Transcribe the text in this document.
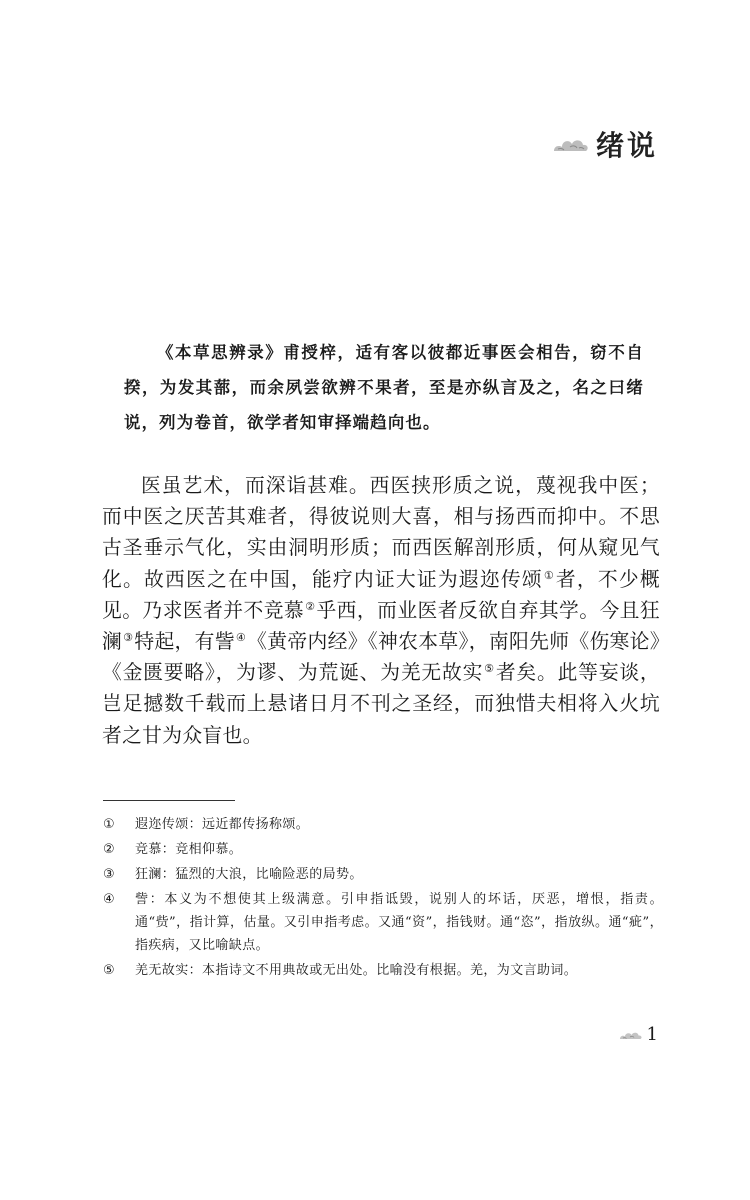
绪说

《本草思辨录》甫授梓，适有客以彼都近事医会相告，窃不自揆，为发其蔀，而余夙尝欲辨不果者，至是亦纵言及之，名之曰绪说，列为卷首，欲学者知审择端趋向也。

医虽艺术，而深诣甚难。西医挟形质之说，蔑视我中医；而中医之厌苦其难者，得彼说则大喜，相与扬西而抑中。不思古圣垂示气化，实由洞明形质；而西医解剖形质，何从窥见气化。故西医之在中国，能疗内证大证为遐迩传颂①者，不少概见。乃求医者并不竞慕②乎西，而业医者反欲自弃其学。今且狂澜③特起，有訾④《黄帝内经》《神农本草》，南阳先师《伤寒论》《金匮要略》，为谬、为荒诞、为羌无故实⑤者矣。此等妄谈，岂足撼数千载而上悬诸日月不刊之圣经，而独惜夫相将入火坑者之甘为众盲也。

①	遐迩传颂：远近都传扬称颂。
②	竞慕：竞相仰慕。
③	狂澜：猛烈的大浪，比喻险恶的局势。
④	訾：本义为不想使其上级满意。引申指诋毁，说别人的坏话，厌恶，增恨，指责。通“赀”，指计算，估量。又引申指考虑。又通“资”，指钱财。通“恣”，指放纵。通“疵”，指疾病，又比喻缺点。
⑤	羌无故实：本指诗文不用典故或无出处。比喻没有根据。羌，为文言助词。
1
